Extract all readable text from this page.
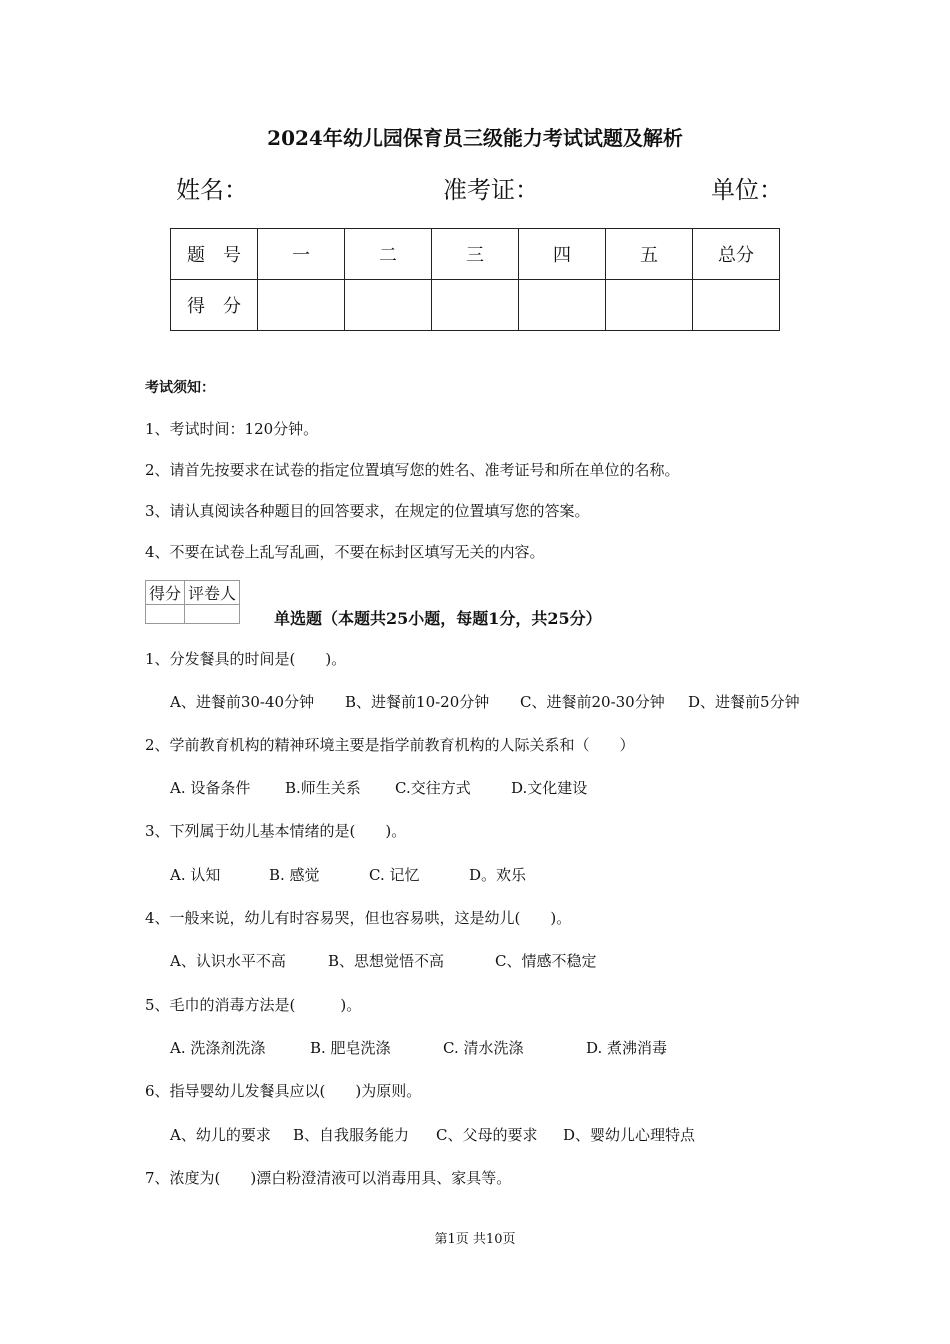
2024年幼儿园保育员三级能力考试试题及解析
姓名：	准考证：	单位：
题　号	一	二	三	四	五	总分
得　分						
考试须知：
1、考试时间：120分钟。
2、请首先按要求在试卷的指定位置填写您的姓名、准考证号和所在单位的名称。
3、请认真阅读各种题目的回答要求，在规定的位置填写您的答案。
4、不要在试卷上乱写乱画，不要在标封区填写无关的内容。
得分	评卷人

单选题（本题共25小题，每题1分，共25分）
1、分发餐具的时间是(　　)。
A、进餐前30-40分钟 B、进餐前10-20分钟 C、进餐前20-30分钟 D、进餐前5分钟
2、学前教育机构的精神环境主要是指学前教育机构的人际关系和（　　）
A. 设备条件 B.师生关系 C.交往方式	D.文化建设
3、下列属于幼儿基本情绪的是(　　)。
A. 认知	B. 感觉	C. 记忆	D。欢乐
4、一般来说，幼儿有时容易哭，但也容易哄，这是幼儿(　　)。
A、认识水平不高	B、思想觉悟不高	C、情感不稳定
5、毛巾的消毒方法是(　　　)。
A. 洗涤剂洗涤	B. 肥皂洗涤	C. 清水洗涤	D. 煮沸消毒
6、指导婴幼儿发餐具应以(　　)为原则。
A、幼儿的要求 B、自我服务能力 C、父母的要求 D、婴幼儿心理特点
7、浓度为(　　)漂白粉澄清液可以消毒用具、家具等。
第1页 共10页
